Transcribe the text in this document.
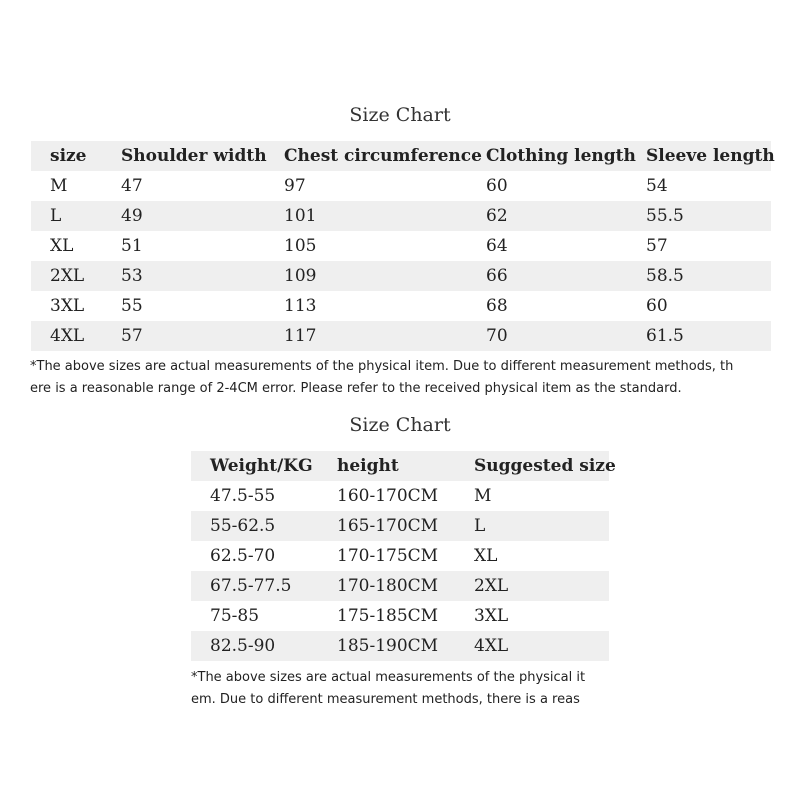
Size Chart
size	Shoulder width	Chest circumference	Clothing length	Sleeve length
M	47	97	60	54
L	49	101	62	55.5
XL	51	105	64	57
2XL	53	109	66	58.5
3XL	55	113	68	60
4XL	57	117	70	61.5
*The above sizes are actual measurements of the physical item. Due to different measurement methods, th
ere is a reasonable range of 2-4CM error. Please refer to the received physical item as the standard.
Size Chart
Weight/KG	height	Suggested size
47.5-55	160-170CM	M
55-62.5	165-170CM	L
62.5-70	170-175CM	XL
67.5-77.5	170-180CM	2XL
75-85	175-185CM	3XL
82.5-90	185-190CM	4XL
*The above sizes are actual measurements of the physical it
em. Due to different measurement methods, there is a reas
